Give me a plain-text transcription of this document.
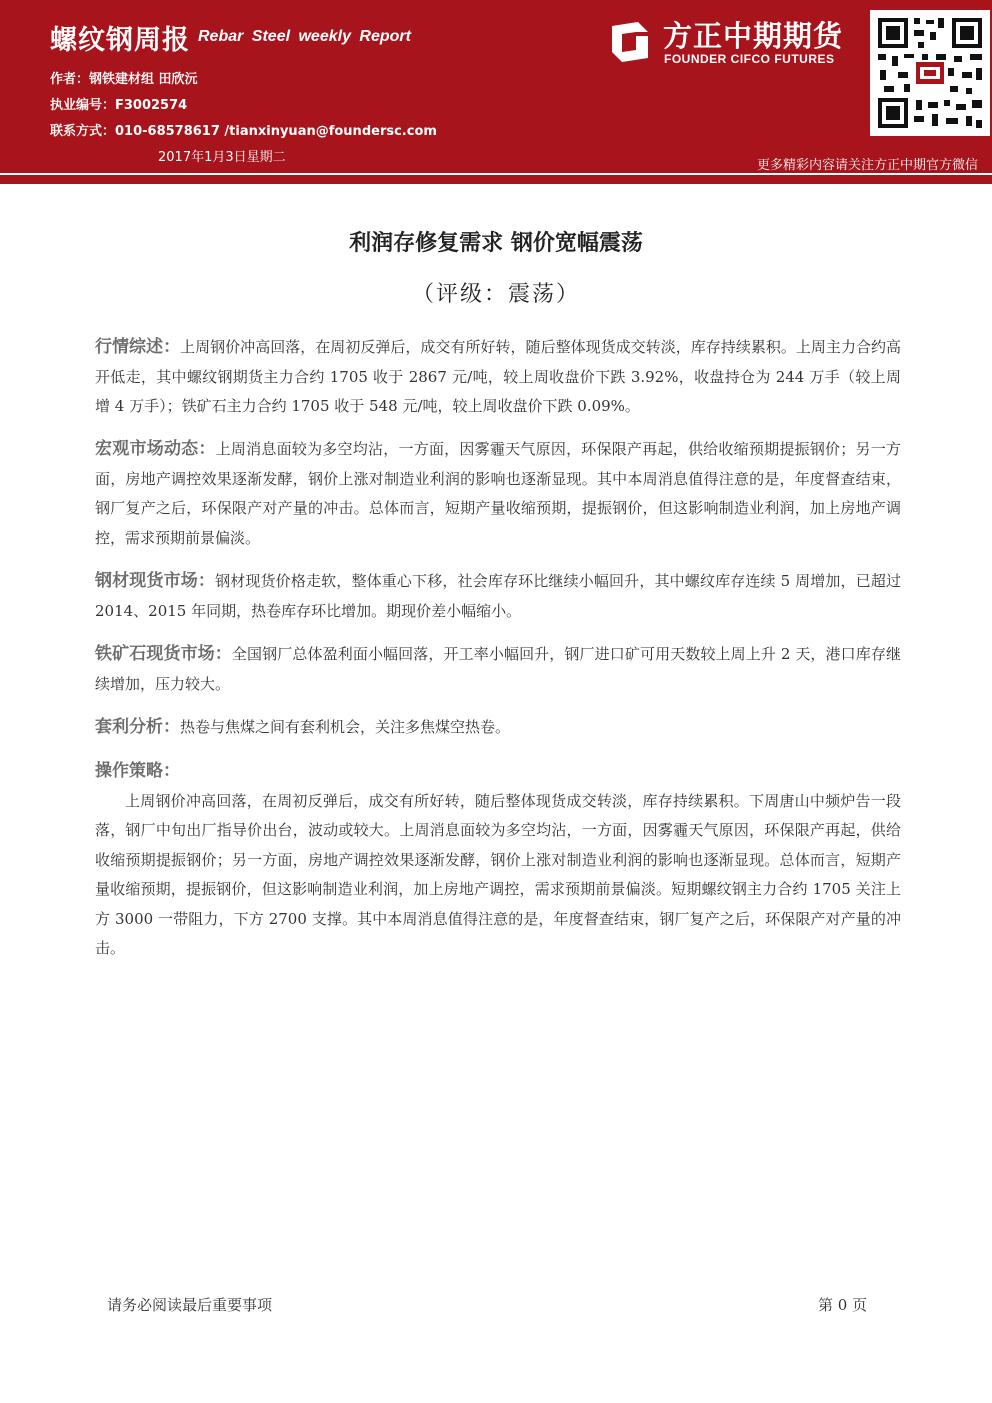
螺纹钢周报 Rebar Steel weekly Report
作者：钢铁建材组 田欣沅
执业编号：F3002574
联系方式：010-68578617 /tianxinyuan@foundersc.com
2017年1月3日星期二
方正中期期货
FOUNDER CIFCO FUTURES
更多精彩内容请关注方正中期官方微信
利润存修复需求 钢价宽幅震荡
（评级：震荡）
行情综述：上周钢价冲高回落，在周初反弹后，成交有所好转，随后整体现货成交转淡，库存持续累积。上周主力合约高开低走，其中螺纹钢期货主力合约 1705 收于 2867 元/吨，较上周收盘价下跌 3.92%，收盘持仓为 244 万手（较上周增 4 万手）；铁矿石主力合约 1705 收于 548 元/吨，较上周收盘价下跌 0.09%。
宏观市场动态：上周消息面较为多空均沾，一方面，因雾霾天气原因，环保限产再起，供给收缩预期提振钢价；另一方面，房地产调控效果逐渐发酵，钢价上涨对制造业利润的影响也逐渐显现。其中本周消息值得注意的是，年度督查结束，钢厂复产之后，环保限产对产量的冲击。总体而言，短期产量收缩预期，提振钢价，但这影响制造业利润，加上房地产调控，需求预期前景偏淡。
钢材现货市场：钢材现货价格走软，整体重心下移，社会库存环比继续小幅回升，其中螺纹库存连续 5 周增加，已超过 2014、2015 年同期，热卷库存环比增加。期现价差小幅缩小。
铁矿石现货市场：全国钢厂总体盈利面小幅回落，开工率小幅回升，钢厂进口矿可用天数较上周上升 2 天，港口库存继续增加，压力较大。
套利分析：热卷与焦煤之间有套利机会，关注多焦煤空热卷。
操作策略：
上周钢价冲高回落，在周初反弹后，成交有所好转，随后整体现货成交转淡，库存持续累积。下周唐山中频炉告一段落，钢厂中旬出厂指导价出台，波动或较大。上周消息面较为多空均沾，一方面，因雾霾天气原因，环保限产再起，供给收缩预期提振钢价；另一方面，房地产调控效果逐渐发酵，钢价上涨对制造业利润的影响也逐渐显现。总体而言，短期产量收缩预期，提振钢价，但这影响制造业利润，加上房地产调控，需求预期前景偏淡。短期螺纹钢主力合约 1705 关注上方 3000 一带阻力，下方 2700 支撑。其中本周消息值得注意的是，年度督查结束，钢厂复产之后，环保限产对产量的冲击。
请务必阅读最后重要事项	第 0 页
